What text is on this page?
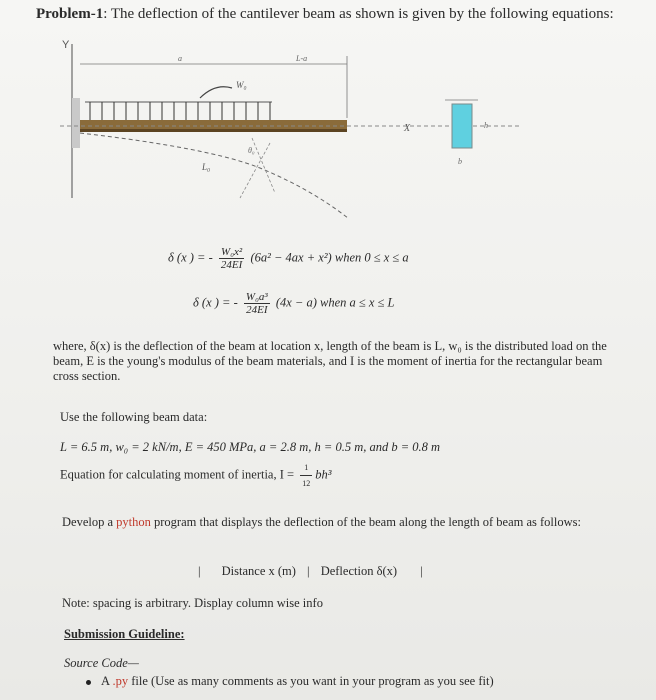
Problem-1: The deflection of the cantilever beam as shown is given by the following equations:
Y
a	L-a
W₀
X
L₀
θ₀
h
b
δ (x ) = - $\frac{\text{W₀x²}}{24EI} (6a^2 - 4ax + x^2)$ when 0 ≤ x ≤ a
δ (x ) = - $\frac{\text{W₀a³}}{24EI} (4x - a)$ when a ≤ x ≤ L
where, δ(x) is the deflection of the beam at location x, length of the beam is L, w₀ is the distributed load on the beam, E is the young's modulus of the beam materials, and I is the moment of inertia for the rectangular beam cross section.
Use the following beam data:
L = 6.5 m, w₀ = 2 kN/m, E = 450 MPa, a = 2.8 m, h = 0.5 m, and b = 0.8 m
Equation for calculating moment of inertia, $I = \frac{1}{12} bh^3$
Develop a python program that displays the deflection of the beam along the length of beam as follows:
| Distance x (m) | Deflection δ(x) |
Note: spacing is arbitrary. Display column wise info
Submission Guideline:
Source Code—
A .py file (Use as many comments as you want in your program as you see fit)
